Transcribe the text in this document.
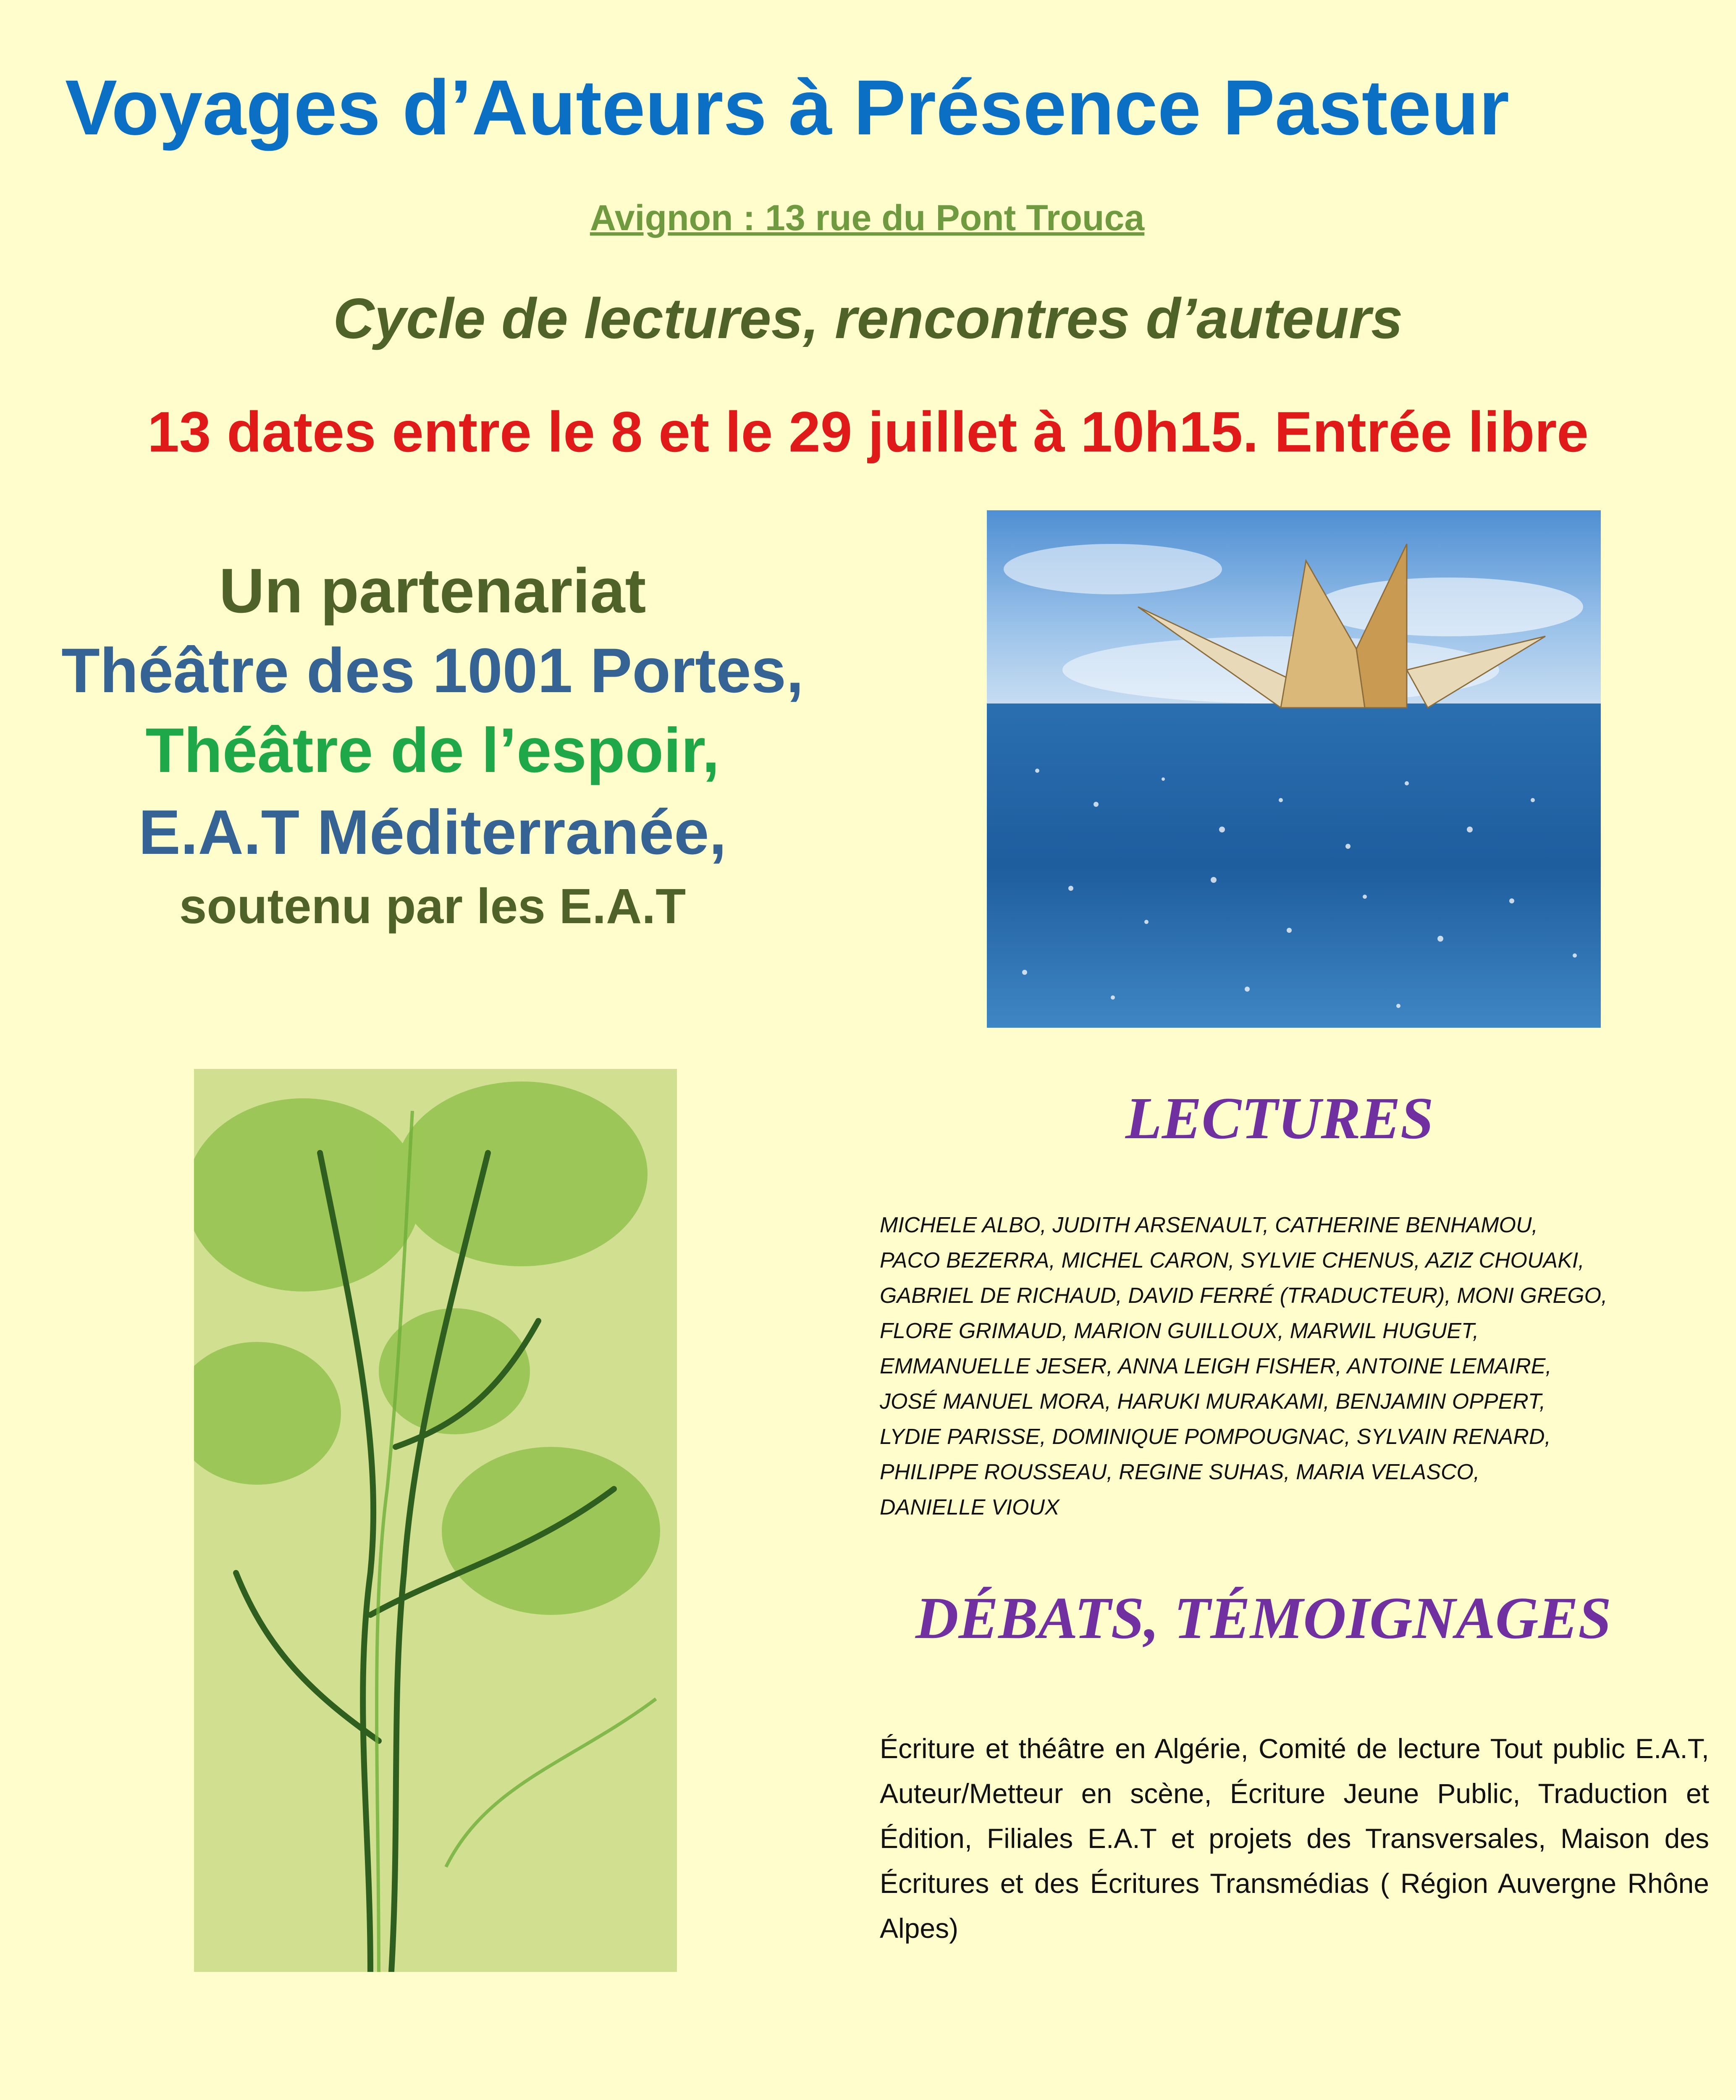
Voyages d’Auteurs à Présence Pasteur
Avignon : 13 rue du Pont Trouca
Cycle de lectures, rencontres d’auteurs
13 dates entre le 8 et le 29 juillet à 10h15. Entrée libre
Un partenariat
Théâtre des 1001 Portes,
Théâtre de l’espoir,
E.A.T Méditerranée,
soutenu par les E.A.T
LECTURES
MICHELE ALBO, JUDITH ARSENAULT, CATHERINE BENHAMOU,
PACO BEZERRA, MICHEL CARON, SYLVIE CHENUS, AZIZ CHOUAKI,
GABRIEL DE RICHAUD, DAVID FERRÉ (TRADUCTEUR), MONI GREGO,
FLORE GRIMAUD, MARION GUILLOUX, MARWIL HUGUET,
EMMANUELLE JESER, ANNA LEIGH FISHER, ANTOINE LEMAIRE,
JOSÉ MANUEL MORA, HARUKI MURAKAMI, BENJAMIN OPPERT,
LYDIE PARISSE, DOMINIQUE POMPOUGNAC, SYLVAIN RENARD,
PHILIPPE ROUSSEAU, REGINE SUHAS, MARIA VELASCO,
DANIELLE VIOUX
DÉBATS, TÉMOIGNAGES
Écriture et théâtre en Algérie, Comité de lecture Tout public E.A.T, Auteur/Metteur en scène, Écriture Jeune Public, Traduction et Édition, Filiales E.A.T et projets des Transversales, Maison des Écritures et des Écritures Transmédias ( Région Auvergne Rhône Alpes)
